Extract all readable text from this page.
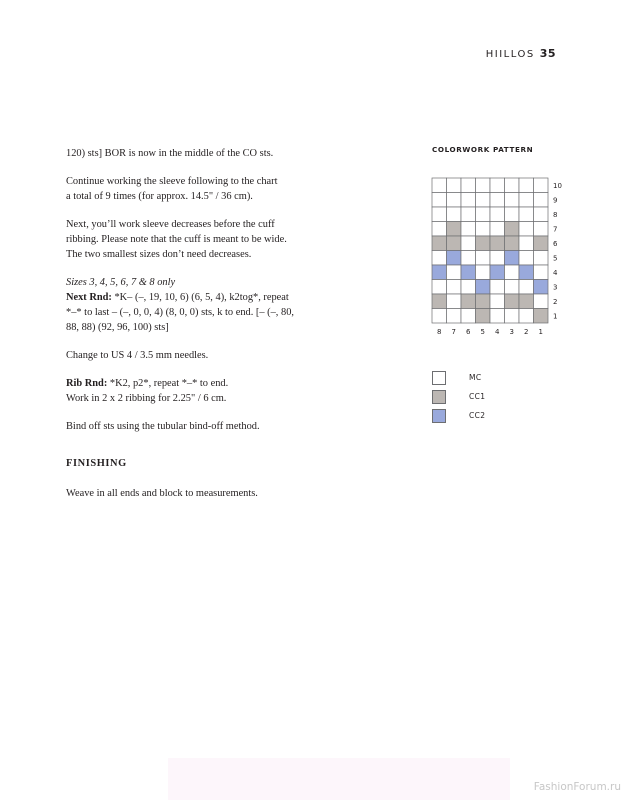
HIILLOS 35

120) sts] BOR is now in the middle of the CO sts.

Continue working the sleeve following to the chart
a total of 9 times (for approx. 14.5" / 36 cm).

Next, you’ll work sleeve decreases before the cuff
ribbing. Please note that the cuff is meant to be wide.
The two smallest sizes don’t need decreases.

Sizes 3, 4, 5, 6, 7 & 8 only
Next Rnd: *K– (–, 19, 10, 6) (6, 5, 4), k2tog*, repeat
*–* to last – (–, 0, 0, 4) (8, 0, 0) sts, k to end. [– (–, 80,
88, 88) (92, 96, 100) sts]

Change to US 4 / 3.5 mm needles.

Rib Rnd: *K2, p2*, repeat *–* to end.
Work in 2 x 2 ribbing for 2.25" / 6 cm.

Bind off sts using the tubular bind-off method.

FINISHING

Weave in all ends and block to measurements.

COLORWORK PATTERN
10
9
8
7
6
5
4
3
2
1
8 7 6 5 4 3 2 1
MC
CC1
CC2
FashionForum.ru
